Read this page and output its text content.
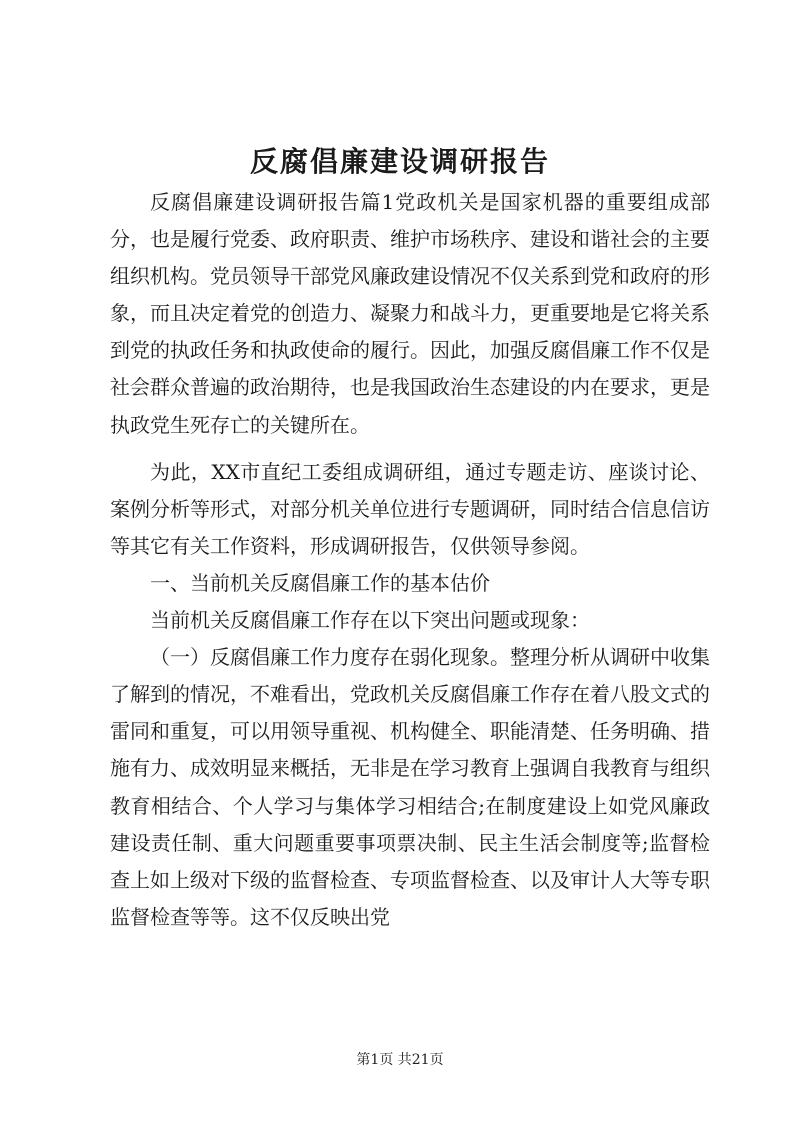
反腐倡廉建设调研报告

反腐倡廉建设调研报告篇1党政机关是国家机器的重要组成部分，也是履行党委、政府职责、维护市场秩序、建设和谐社会的主要组织机构。党员领导干部党风廉政建设情况不仅关系到党和政府的形象，而且决定着党的创造力、凝聚力和战斗力，更重要地是它将关系到党的执政任务和执政使命的履行。因此，加强反腐倡廉工作不仅是社会群众普遍的政治期待，也是我国政治生态建设的内在要求，更是执政党生死存亡的关键所在。

为此，XX市直纪工委组成调研组，通过专题走访、座谈讨论、案例分析等形式，对部分机关单位进行专题调研，同时结合信息信访等其它有关工作资料，形成调研报告，仅供领导参阅。

一、当前机关反腐倡廉工作的基本估价

当前机关反腐倡廉工作存在以下突出问题或现象：

（一）反腐倡廉工作力度存在弱化现象。整理分析从调研中收集了解到的情况，不难看出，党政机关反腐倡廉工作存在着八股文式的雷同和重复，可以用领导重视、机构健全、职能清楚、任务明确、措施有力、成效明显来概括，无非是在学习教育上强调自我教育与组织教育相结合、个人学习与集体学习相结合;在制度建设上如党风廉政建设责任制、重大问题重要事项票决制、民主生活会制度等;监督检查上如上级对下级的监督检查、专项监督检查、以及审计人大等专职监督检查等等。这不仅反映出党

第1页 共21页
